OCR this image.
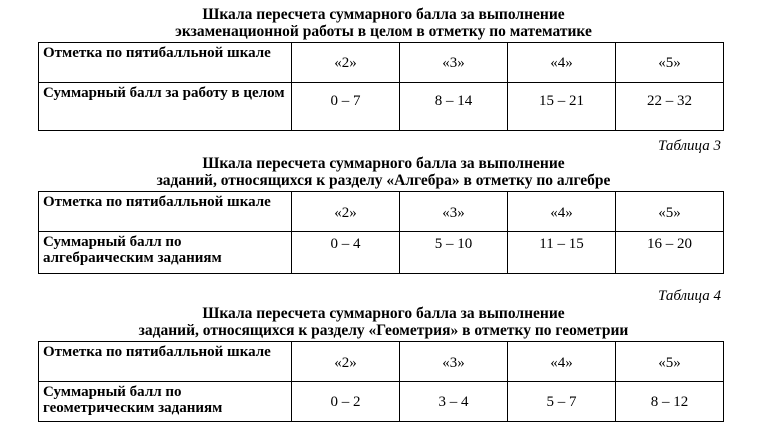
Шкала пересчета суммарного балла за выполнение
экзаменационной работы в целом в отметку по математике
Отметка по пятибалльной шкале	«2»	«3»	«4»	«5»
Суммарный балл за работу в целом	0 – 7	8 – 14	15 – 21	22 – 32
Таблица 3
Шкала пересчета суммарного балла за выполнение
заданий, относящихся к разделу «Алгебра» в отметку по алгебре
Отметка по пятибалльной шкале	«2»	«3»	«4»	«5»
Суммарный балл по алгебраическим заданиям	0 – 4	5 – 10	11 – 15	16 – 20
Таблица 4
Шкала пересчета суммарного балла за выполнение
заданий, относящихся к разделу «Геометрия» в отметку по геометрии
Отметка по пятибалльной шкале	«2»	«3»	«4»	«5»
Суммарный балл по геометрическим заданиям	0 – 2	3 – 4	5 – 7	8 – 12
